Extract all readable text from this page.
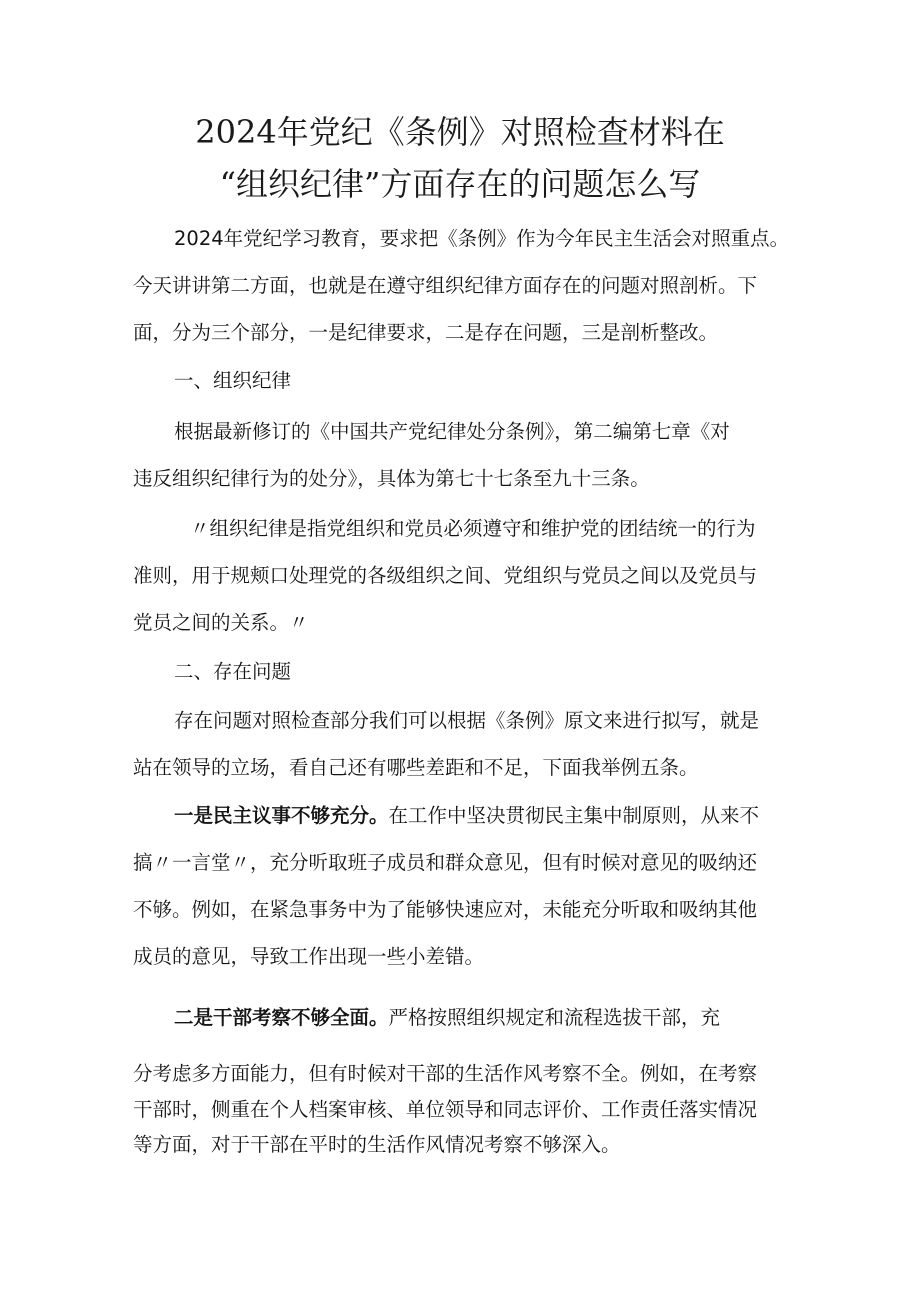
2024年党纪《条例》对照检查材料在
“组织纪律”方面存在的问题怎么写

2024年党纪学习教育，要求把《条例》作为今年民主生活会对照重点。

今天讲讲第二方面，也就是在遵守组织纪律方面存在的问题对照剖析。下

面，分为三个部分，一是纪律要求，二是存在问题，三是剖析整改。

一、组织纪律

根据最新修订的《中国共产党纪律处分条例》，第二编第七章《对

违反组织纪律行为的处分》，具体为第七十七条至九十三条。

〃组织纪律是指党组织和党员必须遵守和维护党的团结统一的行为

准则，用于规颊口处理党的各级组织之间、党组织与党员之间以及党员与

党员之间的关系。〃

二、存在问题

存在问题对照检查部分我们可以根据《条例》原文来进行拟写，就是

站在领导的立场，看自己还有哪些差距和不足，下面我举例五条。

一是民主议事不够充分。在工作中坚决贯彻民主集中制原则，从来不

搞〃一言堂〃，充分听取班子成员和群众意见，但有时候对意见的吸纳还

不够。例如，在紧急事务中为了能够快速应对，未能充分听取和吸纳其他

成员的意见，导致工作出现一些小差错。

二是干部考察不够全面。严格按照组织规定和流程选拔干部，充

分考虑多方面能力，但有时候对干部的生活作风考察不全。例如，在考察

干部时，侧重在个人档案审核、单位领导和同志评价、工作责任落实情况

等方面，对于干部在平时的生活作风情况考察不够深入。
